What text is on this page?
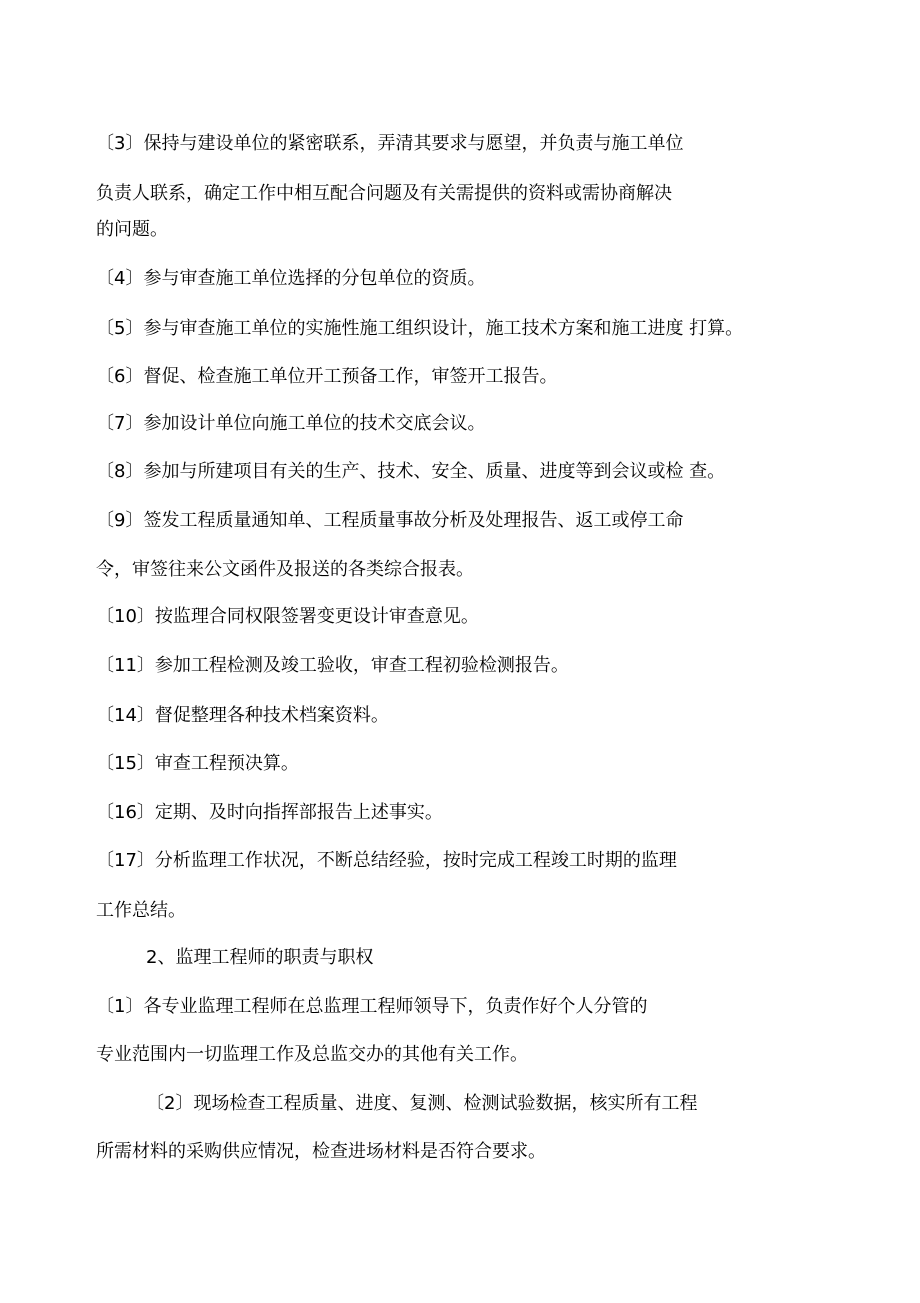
〔3〕保持与建设单位的紧密联系，弄清其要求与愿望，并负责与施工单位
负责人联系，确定工作中相互配合问题及有关需提供的资料或需协商解决
的问题。
〔4〕参与审查施工单位选择的分包单位的资质。
〔5〕参与审查施工单位的实施性施工组织设计，施工技术方案和施工进度 打算。
〔6〕督促、检查施工单位开工预备工作，审签开工报告。
〔7〕参加设计单位向施工单位的技术交底会议。
〔8〕参加与所建项目有关的生产、技术、安全、质量、进度等到会议或检 查。
〔9〕签发工程质量通知单、工程质量事故分析及处理报告、返工或停工命
令，审签往来公文函件及报送的各类综合报表。
〔10〕按监理合同权限签署变更设计审查意见。
〔11〕参加工程检测及竣工验收，审查工程初验检测报告。
〔14〕督促整理各种技术档案资料。
〔15〕审查工程预决算。
〔16〕定期、及时向指挥部报告上述事实。
〔17〕分析监理工作状况，不断总结经验，按时完成工程竣工时期的监理
工作总结。
2、监理工程师的职责与职权
〔1〕各专业监理工程师在总监理工程师领导下，负责作好个人分管的
专业范围内一切监理工作及总监交办的其他有关工作。
〔2〕现场检查工程质量、进度、复测、检测试验数据，核实所有工程
所需材料的采购供应情况，检查进场材料是否符合要求。
